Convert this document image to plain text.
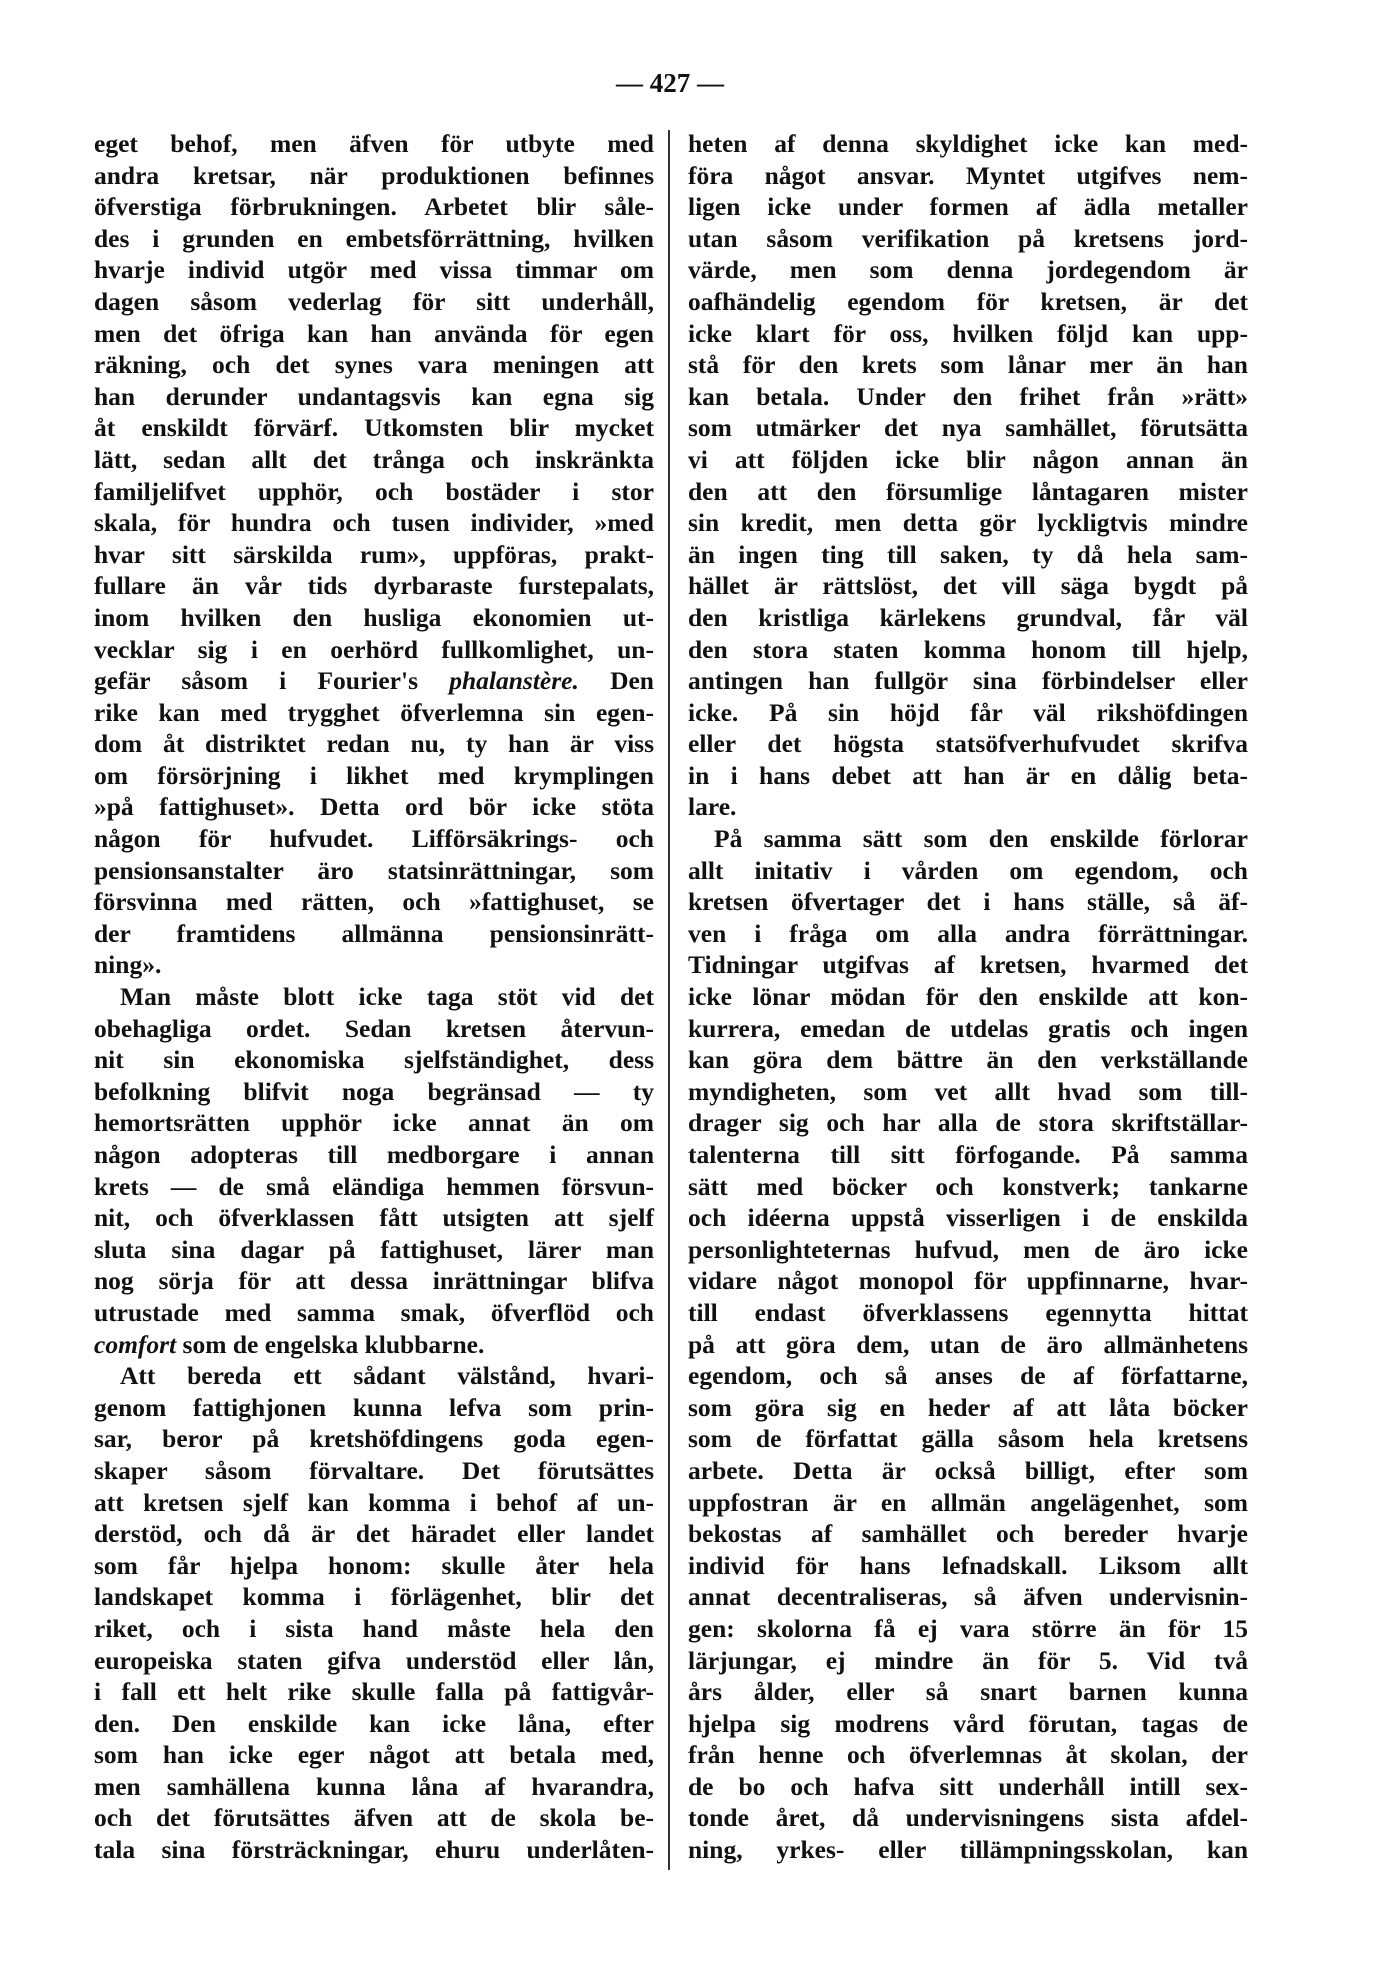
— 427 —
eget behof, men äfven för utbyte med
andra kretsar, när produktionen befinnes
öfverstiga förbrukningen. Arbetet blir såle-
des i grunden en embetsförrättning, hvilken
hvarje individ utgör med vissa timmar om
dagen såsom vederlag för sitt underhåll,
men det öfriga kan han använda för egen
räkning, och det synes vara meningen att
han derunder undantagsvis kan egna sig
åt enskildt förvärf. Utkomsten blir mycket
lätt, sedan allt det trånga och inskränkta
familjelifvet upphör, och bostäder i stor
skala, för hundra och tusen individer, »med
hvar sitt särskilda rum», uppföras, prakt-
fullare än vår tids dyrbaraste furstepalats,
inom hvilken den husliga ekonomien ut-
vecklar sig i en oerhörd fullkomlighet, un-
gefär såsom i Fourier's phalanstère. Den
rike kan med trygghet öfverlemna sin egen-
dom åt distriktet redan nu, ty han är viss
om försörjning i likhet med krymplingen
»på fattighuset». Detta ord bör icke stöta
någon för hufvudet. Lifförsäkrings- och
pensionsanstalter äro statsinrättningar, som
försvinna med rätten, och »fattighuset, se
der framtidens allmänna pensionsinrätt-
ning».
Man måste blott icke taga stöt vid det
obehagliga ordet. Sedan kretsen återvun-
nit sin ekonomiska sjelfständighet, dess
befolkning blifvit noga begränsad — ty
hemortsrätten upphör icke annat än om
någon adopteras till medborgare i annan
krets — de små eländiga hemmen försvun-
nit, och öfverklassen fått utsigten att sjelf
sluta sina dagar på fattighuset, lärer man
nog sörja för att dessa inrättningar blifva
utrustade med samma smak, öfverflöd och
comfort som de engelska klubbarne.
Att bereda ett sådant välstånd, hvari-
genom fattighjonen kunna lefva som prin-
sar, beror på kretshöfdingens goda egen-
skaper såsom förvaltare. Det förutsättes
att kretsen sjelf kan komma i behof af un-
derstöd, och då är det häradet eller landet
som får hjelpa honom: skulle åter hela
landskapet komma i förlägenhet, blir det
riket, och i sista hand måste hela den
europeiska staten gifva understöd eller lån,
i fall ett helt rike skulle falla på fattigvår-
den. Den enskilde kan icke låna, efter
som han icke eger något att betala med,
men samhällena kunna låna af hvarandra,
och det förutsättes äfven att de skola be-
tala sina försträckningar, ehuru underlåten-
heten af denna skyldighet icke kan med-
föra något ansvar. Myntet utgifves nem-
ligen icke under formen af ädla metaller
utan såsom verifikation på kretsens jord-
värde, men som denna jordegendom är
oafhändelig egendom för kretsen, är det
icke klart för oss, hvilken följd kan upp-
stå för den krets som lånar mer än han
kan betala. Under den frihet från »rätt»
som utmärker det nya samhället, förutsätta
vi att följden icke blir någon annan än
den att den försumlige låntagaren mister
sin kredit, men detta gör lyckligtvis mindre
än ingen ting till saken, ty då hela sam-
hället är rättslöst, det vill säga bygdt på
den kristliga kärlekens grundval, får väl
den stora staten komma honom till hjelp,
antingen han fullgör sina förbindelser eller
icke. På sin höjd får väl rikshöfdingen
eller det högsta statsöfverhufvudet skrifva
in i hans debet att han är en dålig beta-
lare.
På samma sätt som den enskilde förlorar
allt initativ i vården om egendom, och
kretsen öfvertager det i hans ställe, så äf-
ven i fråga om alla andra förrättningar.
Tidningar utgifvas af kretsen, hvarmed det
icke lönar mödan för den enskilde att kon-
kurrera, emedan de utdelas gratis och ingen
kan göra dem bättre än den verkställande
myndigheten, som vet allt hvad som till-
drager sig och har alla de stora skriftställar-
talenterna till sitt förfogande. På samma
sätt med böcker och konstverk; tankarne
och idéerna uppstå visserligen i de enskilda
personlighteternas hufvud, men de äro icke
vidare något monopol för uppfinnarne, hvar-
till endast öfverklassens egennytta hittat
på att göra dem, utan de äro allmänhetens
egendom, och så anses de af författarne,
som göra sig en heder af att låta böcker
som de författat gälla såsom hela kretsens
arbete. Detta är också billigt, efter som
uppfostran är en allmän angelägenhet, som
bekostas af samhället och bereder hvarje
individ för hans lefnadskall. Liksom allt
annat decentraliseras, så äfven undervisnin-
gen: skolorna få ej vara större än för 15
lärjungar, ej mindre än för 5. Vid två
års ålder, eller så snart barnen kunna
hjelpa sig modrens vård förutan, tagas de
från henne och öfverlemnas åt skolan, der
de bo och hafva sitt underhåll intill sex-
tonde året, då undervisningens sista afdel-
ning, yrkes- eller tillämpningsskolan, kan
